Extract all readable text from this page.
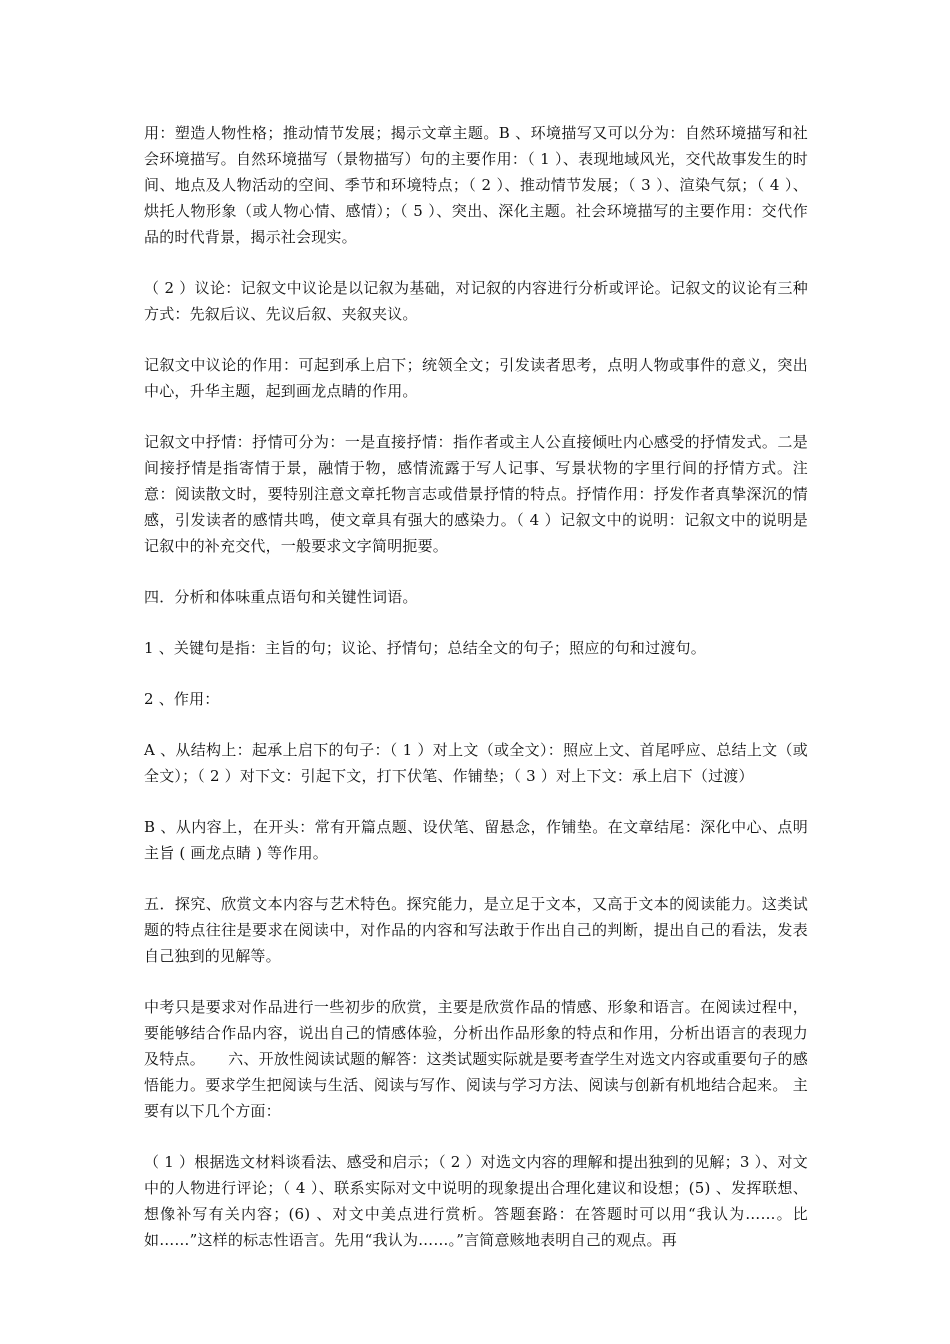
用：塑造人物性格；推动情节发展；揭示文章主题。B 、环境描写又可以分为：自然环境描写和社会环境描写。自然环境描写（景物描写）句的主要作用：（ 1 ）、表现地域风光，交代故事发生的时间、地点及人物活动的空间、季节和环境特点；（ 2 ）、推动情节发展；（ 3 ）、渲染气氛；（ 4 ）、烘托人物形象（或人物心情、感情）；（ 5 ）、突出、深化主题。社会环境描写的主要作用：交代作品的时代背景，揭示社会现实。

（ 2 ）议论：记叙文中议论是以记叙为基础，对记叙的内容进行分析或评论。记叙文的议论有三种方式：先叙后议、先议后叙、夹叙夹议。

记叙文中议论的作用：可起到承上启下；统领全文；引发读者思考，点明人物或事件的意义，突出中心，升华主题，起到画龙点睛的作用。

记叙文中抒情：抒情可分为：一是直接抒情：指作者或主人公直接倾吐内心感受的抒情发式。二是间接抒情是指寄情于景，融情于物，感情流露于写人记事、写景状物的字里行间的抒情方式。注意：阅读散文时，要特别注意文章托物言志或借景抒情的特点。抒情作用：抒发作者真挚深沉的情感，引发读者的感情共鸣，使文章具有强大的感染力。（ 4 ）记叙文中的说明：记叙文中的说明是记叙中的补充交代，一般要求文字简明扼要。

四．分析和体味重点语句和关键性词语。

1 、关键句是指：主旨的句；议论、抒情句；总结全文的句子；照应的句和过渡句。

2 、作用：

A 、从结构上：起承上启下的句子：（ 1 ）对上文（或全文）：照应上文、首尾呼应、总结上文（或全文）；（ 2 ）对下文：引起下文，打下伏笔、作铺垫；（ 3 ）对上下文：承上启下（过渡）

B 、从内容上，在开头：常有开篇点题、设伏笔、留悬念，作铺垫。在文章结尾：深化中心、点明主旨 ( 画龙点睛 ) 等作用。

五．探究、欣赏文本内容与艺术特色。探究能力，是立足于文本，又高于文本的阅读能力。这类试题的特点往往是要求在阅读中，对作品的内容和写法敢于作出自己的判断，提出自己的看法，发表自己独到的见解等。

中考只是要求对作品进行一些初步的欣赏，主要是欣赏作品的情感、形象和语言。在阅读过程中，要能够结合作品内容，说出自己的情感体验，分析出作品形象的特点和作用，分析出语言的表现力及特点。　　六、开放性阅读试题的解答：这类试题实际就是要考查学生对选文内容或重要句子的感悟能力。要求学生把阅读与生活、阅读与写作、阅读与学习方法、阅读与创新有机地结合起来。 主要有以下几个方面：

（ 1 ）根据选文材料谈看法、感受和启示；（ 2 ）对选文内容的理解和提出独到的见解；3 ）、对文中的人物进行评论；（ 4 ）、联系实际对文中说明的现象提出合理化建议和设想；(5) 、发挥联想、想像补写有关内容；(6) 、对文中美点进行赏析。答题套路：在答题时可以用“我认为……。比如……”这样的标志性语言。先用“我认为……。”言简意赅地表明自己的观点。再
